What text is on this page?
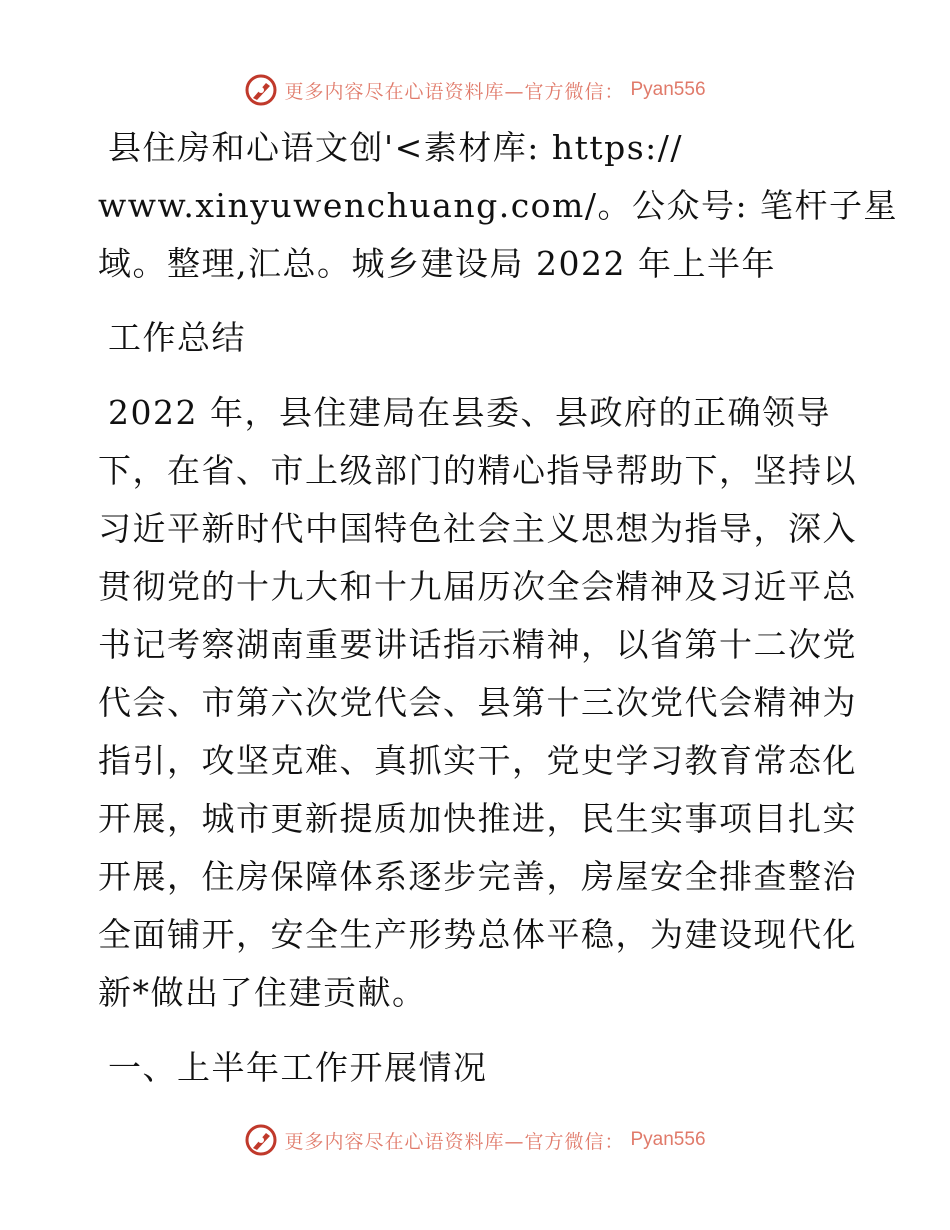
更多内容尽在心语资料库—官方微信： Pyan556
县住房和心语文创'<素材库: https://
www.xinyuwenchuang.com/。公众号: 笔杆子星
域。整理,汇总。城乡建设局 2022 年上半年
工作总结
2022 年，县住建局在县委、县政府的正确领导
下，在省、市上级部门的精心指导帮助下，坚持以
习近平新时代中国特色社会主义思想为指导，深入
贯彻党的十九大和十九届历次全会精神及习近平总
书记考察湖南重要讲话指示精神，以省第十二次党
代会、市第六次党代会、县第十三次党代会精神为
指引，攻坚克难、真抓实干，党史学习教育常态化
开展，城市更新提质加快推进，民生实事项目扎实
开展，住房保障体系逐步完善，房屋安全排查整治
全面铺开，安全生产形势总体平稳，为建设现代化
新*做出了住建贡献。
一、上半年工作开展情况
更多内容尽在心语资料库—官方微信： Pyan556
